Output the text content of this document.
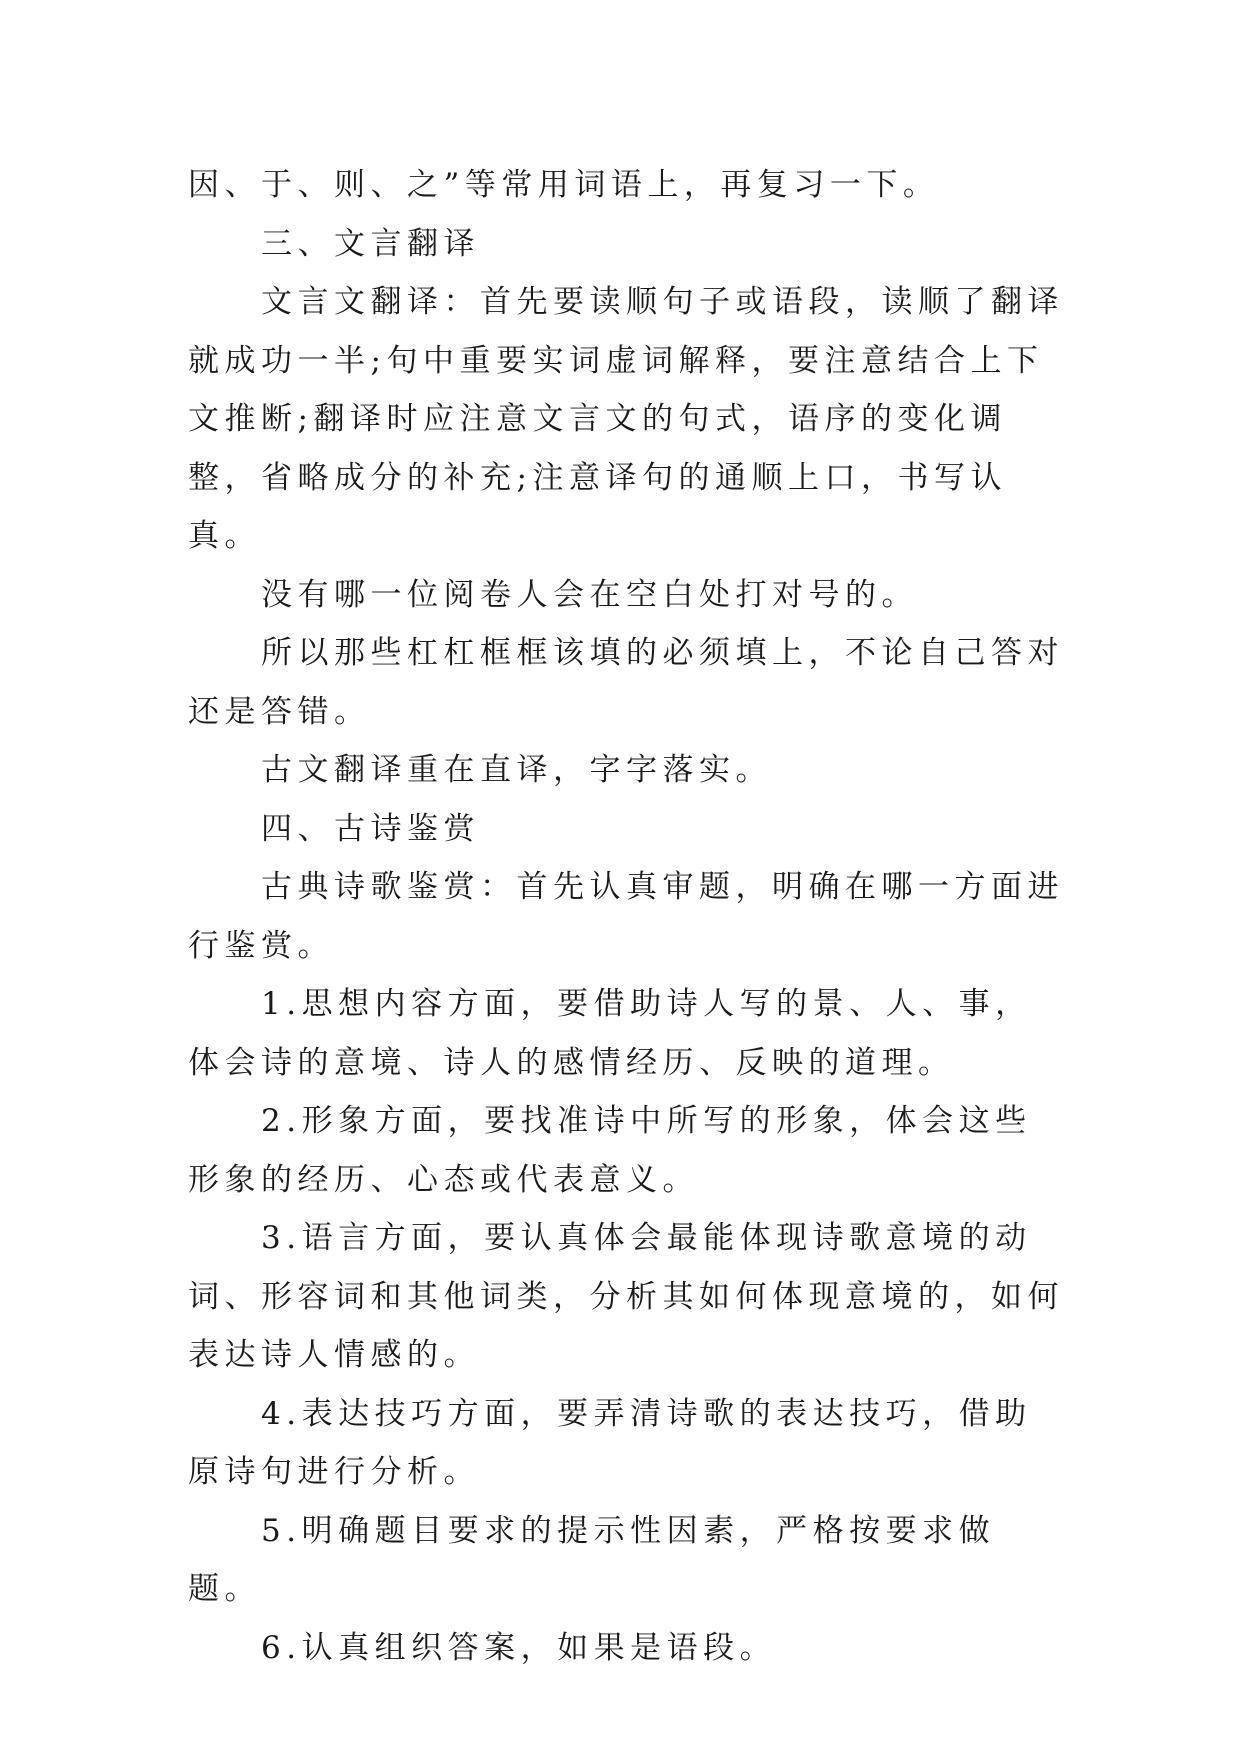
因、于、则、之”等常用词语上，再复习一下。

三、文言翻译

文言文翻译：首先要读顺句子或语段，读顺了翻译就成功一半;句中重要实词虚词解释，要注意结合上下文推断;翻译时应注意文言文的句式，语序的变化调整，省略成分的补充;注意译句的通顺上口，书写认真。

没有哪一位阅卷人会在空白处打对号的。

所以那些杠杠框框该填的必须填上，不论自己答对还是答错。

古文翻译重在直译，字字落实。

四、古诗鉴赏

古典诗歌鉴赏：首先认真审题，明确在哪一方面进行鉴赏。

1.思想内容方面，要借助诗人写的景、人、事，体会诗的意境、诗人的感情经历、反映的道理。

2.形象方面，要找准诗中所写的形象，体会这些形象的经历、心态或代表意义。

3.语言方面，要认真体会最能体现诗歌意境的动词、形容词和其他词类，分析其如何体现意境的，如何表达诗人情感的。

4.表达技巧方面，要弄清诗歌的表达技巧，借助原诗句进行分析。

5.明确题目要求的提示性因素，严格按要求做题。

6.认真组织答案，如果是语段。
